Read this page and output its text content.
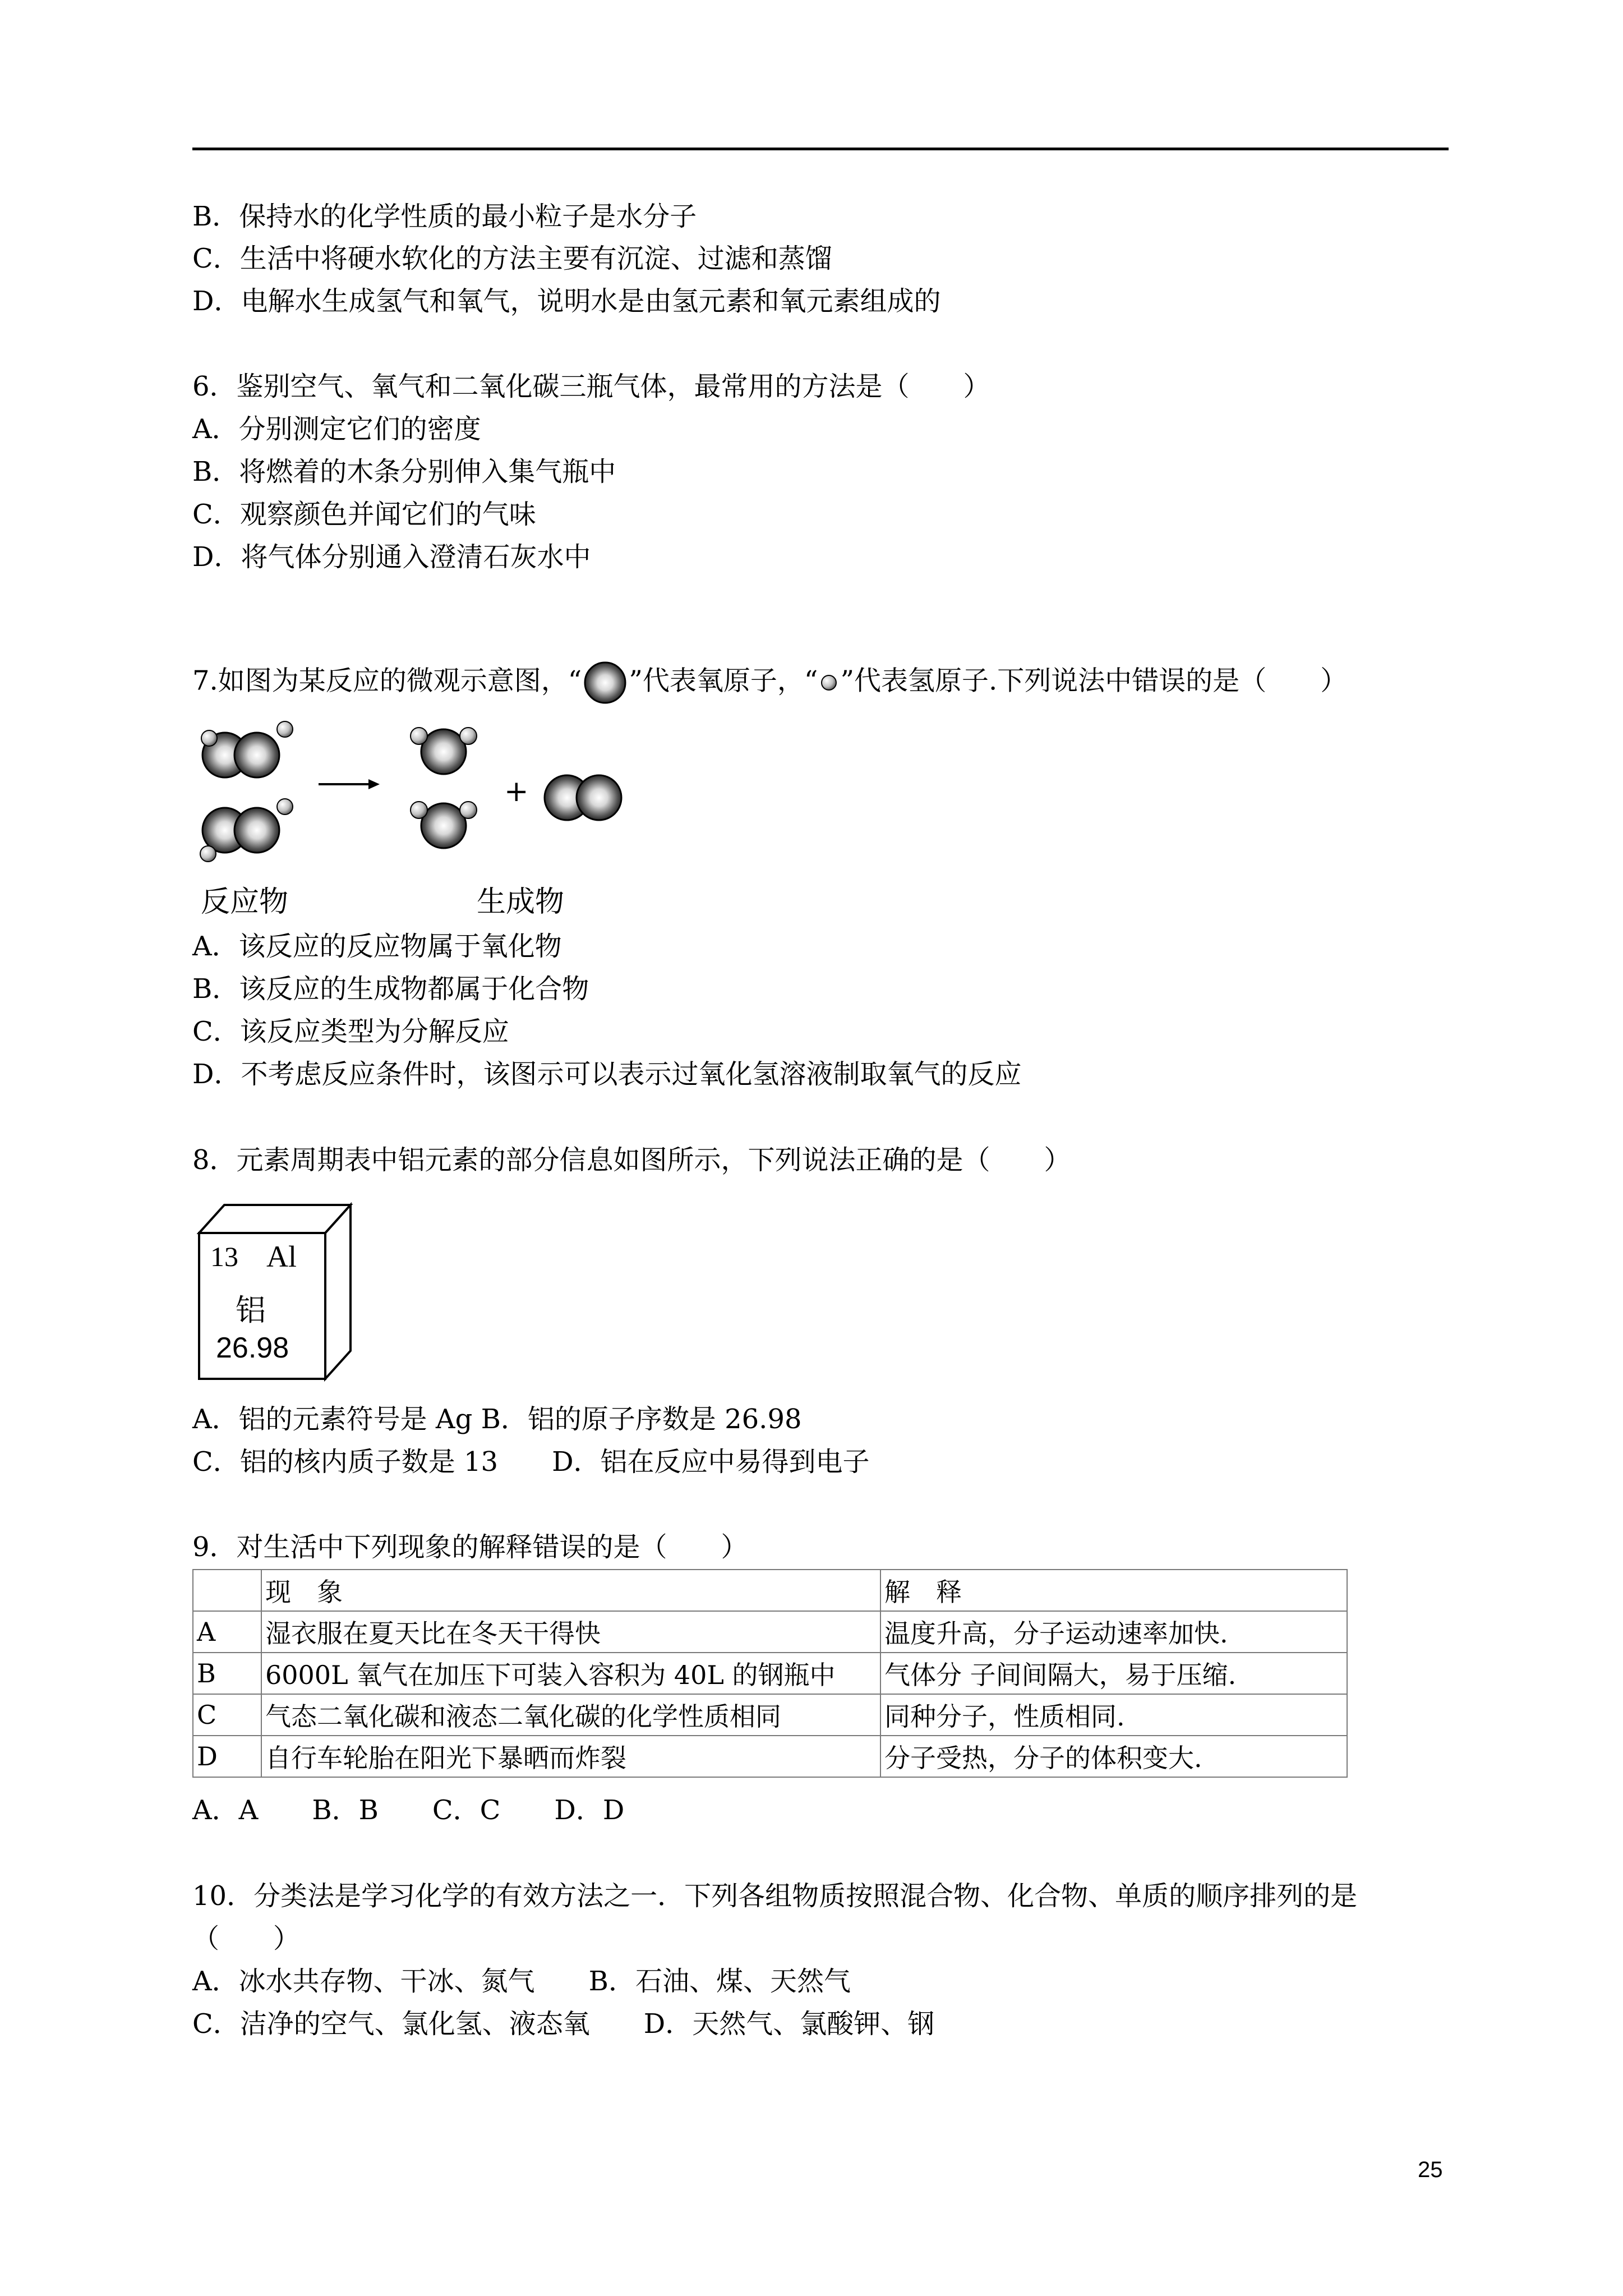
B．保持水的化学性质的最小粒子是水分子
C．生活中将硬水软化的方法主要有沉淀、过滤和蒸馏
D．电解水生成氢气和氧气，说明水是由氢元素和氧元素组成的
6．鉴别空气、氧气和二氧化碳三瓶气体，最常用的方法是（　　）
A．分别测定它们的密度
B．将燃着的木条分别伸入集气瓶中
C．观察颜色并闻它们的气味
D．将气体分别通入澄清石灰水中
7.如图为某反应的微观示意图，“ ”代表氧原子，“ ”代表氢原子.下列说法中错误的是（　　）
+
反应物	生成物
A．该反应的反应物属于氧化物
B．该反应的生成物都属于化合物
C．该反应类型为分解反应
D．不考虑反应条件时，该图示可以表示过氧化氢溶液制取氧气的反应
8．元素周期表中铝元素的部分信息如图所示，下列说法正确的是（　　）
13 Al
铝
26.98
A．铝的元素符号是 Ag B．铝的原子序数是 26.98
C．铝的核内质子数是 13　　D．铝在反应中易得到电子
9．对生活中下列现象的解释错误的是（　　）
	现　象	解　释
A	湿衣服在夏天比在冬天干得快	温度升高，分子运动速率加快.
B	6000L 氧气在加压下可装入容积为 40L 的钢瓶中	气体分 子间间隔大，易于压缩.
C	气态二氧化碳和液态二氧化碳的化学性质相同	同种分子，性质相同.
D	自行车轮胎在阳光下暴晒而炸裂	分子受热，分子的体积变大.
A．A　　B．B　　C．C　　D．D
10．分类法是学习化学的有效方法之一．下列各组物质按照混合物、化合物、单质的顺序排列的是
（　　）
A．冰水共存物、干冰、氮气　　B．石油、煤、天然气
C．洁净的空气、氯化氢、液态氧　　D．天然气、氯酸钾、钢
25
